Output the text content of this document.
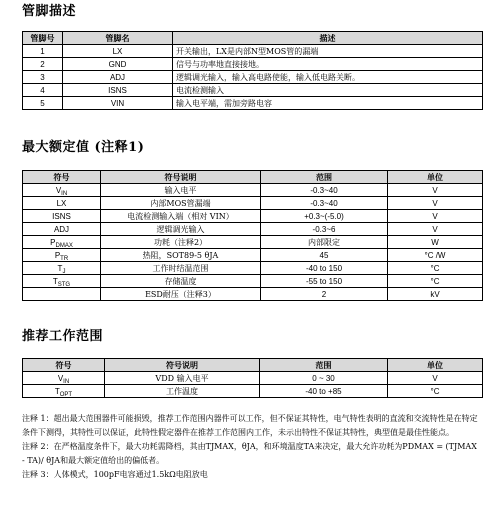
管脚描述
管脚号	管脚名	描述
1	LX	开关输出，LX是内部N型MOS管的漏端
2	GND	信号与功率地直接接地。
3	ADJ	逻辑调光输入，输入高电路使能，输入低电路关断。
4	ISNS	电流检测输入
5	VIN	输入电平端，需加旁路电容
最大额定值 (注释1)
符号	符号说明	范围	单位
$V_{IN}$	输入电平	-0.3~40	V
LX	内部MOS管漏端	-0.3~40	V
ISNS	电流检测输入端（相对 VIN）	+0.3~(-5.0)	V
ADJ	逻辑调光输入	-0.3~6	V
$P_{DMAX}$	功耗（注释2）	内部限定	W
$P_{TR}$	热阻，SOT89-5 θJA	45	°C /W
$T_J$	工作时结温范围	-40 to 150	°C
$T_{STG}$	存储温度	-55 to 150	°C
	ESD耐压（注释3）	2	kV
推荐工作范围
符号	符号说明	范围	单位
$V_{IN}$	VDD 输入电平	0 ~ 30	V
$T_{OPT}$	工作温度	-40 to +85	°C

注释 1：超出最大范围器件可能损毁，推荐工作范围内器件可以工作，但不保证其特性，电气特性表明的直流和交流特性是在特定条件下测得，其特性可以保证，此特性假定器件在推荐工作范围内工作，未示出特性不保证其特性，典型值是最佳性能点。

注释 2：在严格温度条件下，最大功耗需降档，其由TJMAX，θJA，和环境温度TA来决定，最大允许功耗为PDMAX = (TJMAX - TA)/ θJA和最大额定值给出的偏低者。

注释 3：人体模式，100pF电容通过1.5kΩ电阻放电
